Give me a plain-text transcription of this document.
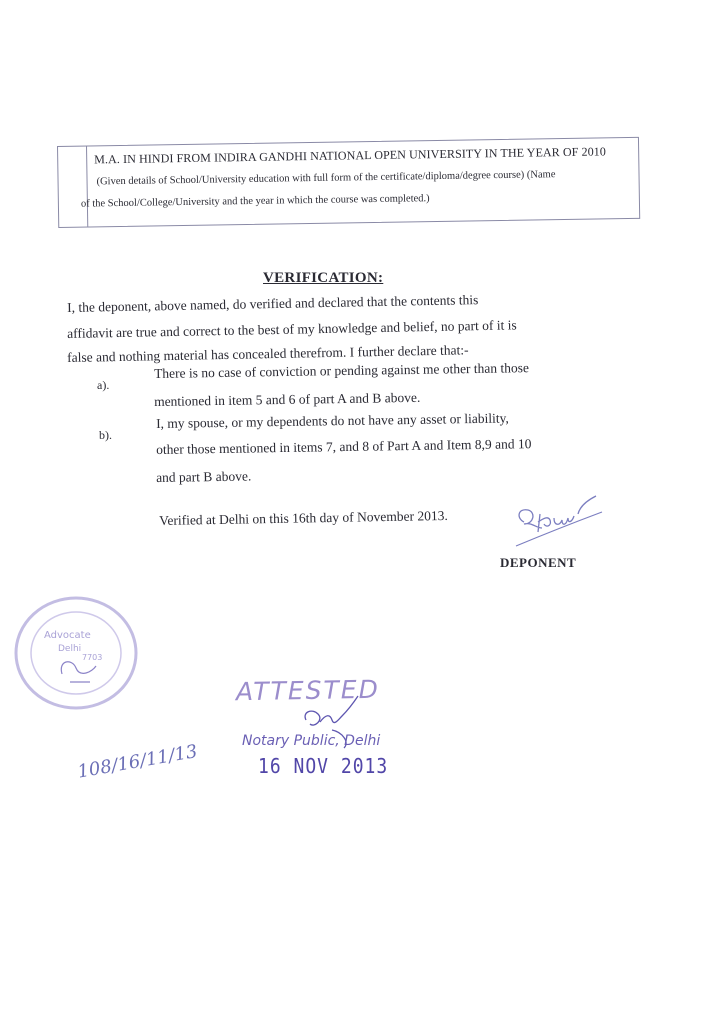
M.A. IN HINDI FROM INDIRA GANDHI NATIONAL OPEN UNIVERSITY IN THE YEAR OF 2010
(Given details of School/University education with full form of the certificate/diploma/degree course) (Name
of the School/College/University and the year in which the course was completed.)
VERIFICATION:
I, the deponent, above named, do verified and declared that the contents this
affidavit are true and correct to the best of my knowledge and belief, no part of it is
false and nothing material has concealed therefrom. I further declare that:-
a).
There is no case of conviction or pending against me other than those
mentioned in item 5 and 6 of part A and B above.
b).
I, my spouse, or my dependents do not have any asset or liability,
other those mentioned in items 7, and 8 of Part A and Item 8,9 and 10
and part B above.
Verified at Delhi on this 16th day of November 2013.
DEPONENT
Advocate
Delhi
7703
ATTESTED
Notary Public, Delhi
16 NOV 2013
108/16/11/13
